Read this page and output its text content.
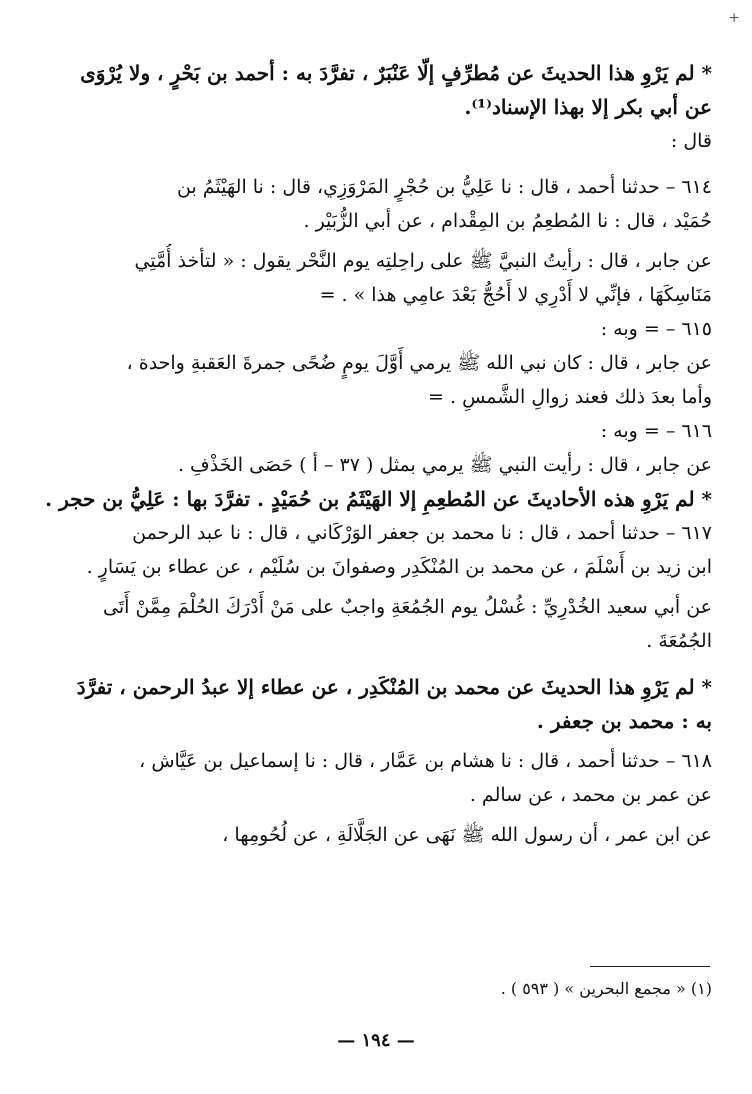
+

* لم يَرْوِ هذا الحديثَ عن مُطرِّفٍ إلّا عَنْبَرٌ ، تفرَّدَ به : أحمد بن بَحْرٍ ، ولا يُرْوَى

عن أبي بكر إلا بهذا الإسناد⁽¹⁾.

قال :

٦١٤ – حدثنا أحمد ، قال : نا عَلِيُّ بن حُجْرٍ المَرْوَزِي، قال : نا الهَيْثَمُ بن

حُمَيْد ، قال : نا المُطعِمُ بن المِقْدام ، عن أبي الزُّبَيْر .

عن جابر ، قال : رأيتُ النبيَّ ﷺ على راحِلتِه يوم النَّحْر يقول : « لتأخذ أُمَّتِي

مَنَاسِكَهَا ، فإنِّي لا أَدْرِي لا أَحُجُّ بَعْدَ عامِي هذا » . =

٦١٥ – = وبه :

عن جابر ، قال : كان نبي الله ﷺ يرمي أَوَّلَ يومٍ ضُحًى جمرةَ العَقبةِ واحدة ،

وأما بعدَ ذلك فعند زوالِ الشَّمسِ . =

٦١٦ – = وبه :

عن جابر ، قال : رأيت النبي ﷺ يرمي بمثل ( ٣٧ – أ ) حَصَى الخَذْفِ .

* لم يَرْوِ هذه الأحاديثَ عن المُطعِمِ إلا الهَيْثَمُ بن حُمَيْدٍ . تفرَّدَ بها : عَلِيُّ بن حجر .

٦١٧ – حدثنا أحمد ، قال : نا محمد بن جعفر الوَرْكَاني ، قال : نا عبد الرحمن

ابن زيد بن أَسْلَمَ ، عن محمد بن المُنْكَدِر وصفوانَ بن سُلَيْم ، عن عطاء بن يَسَارٍ .

عن أبي سعيد الخُدْرِيِّ : غُسْلُ يوم الجُمُعَةِ واجبٌ على مَنْ أَدْرَكَ الحُلْمَ مِمَّنْ أَتَى

الجُمُعَةَ .

* لم يَرْوِ هذا الحديثَ عن محمد بن المُنْكَدِر ، عن عطاء إلا عبدُ الرحمن ، تفرَّدَ

به : محمد بن جعفر .

٦١٨ – حدثنا أحمد ، قال : نا هشام بن عَمَّار ، قال : نا إسماعيل بن عَيَّاش ،

عن عمر بن محمد ، عن سالم .

عن ابن عمر ، أن رسول الله ﷺ نَهَى عن الجَلَّالَةِ ، عن لُحُومِها ،

(١) « مجمع البحرين » ( ٥٩٣ ) .
— ١٩٤ —
